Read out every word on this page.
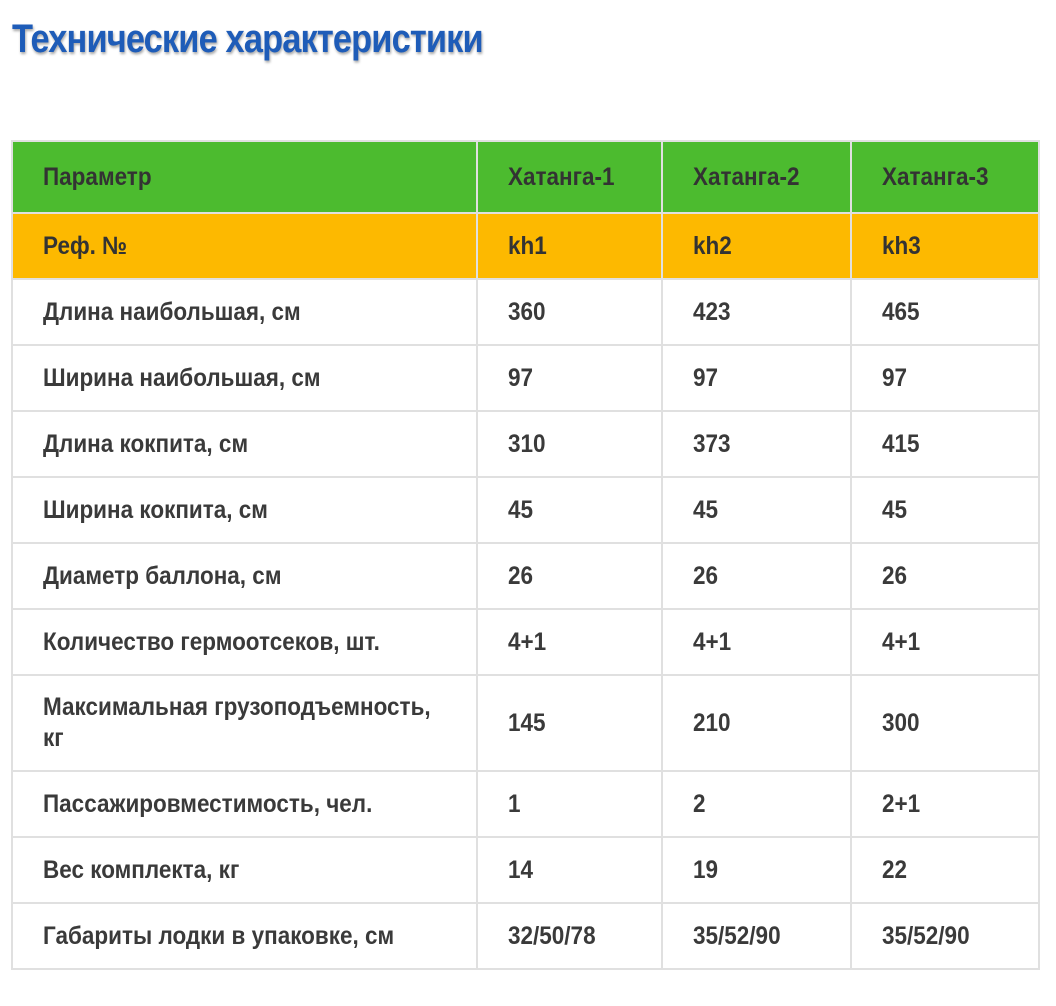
Технические характеристики
Параметр	Хатанга-1	Хатанга-2	Хатанга-3
Реф. №	kh1	kh2	kh3
Длина наибольшая, см	360	423	465
Ширина наибольшая, см	97	97	97
Длина кокпита, см	310	373	415
Ширина кокпита, см	45	45	45
Диаметр баллона, см	26	26	26
Количество гермоотсеков, шт.	4+1	4+1	4+1
Максимальная грузоподъемность, кг	145	210	300
Пассажировместимость, чел.	1	2	2+1
Вес комплекта, кг	14	19	22
Габариты лодки в упаковке, см	32/50/78	35/52/90	35/52/90
